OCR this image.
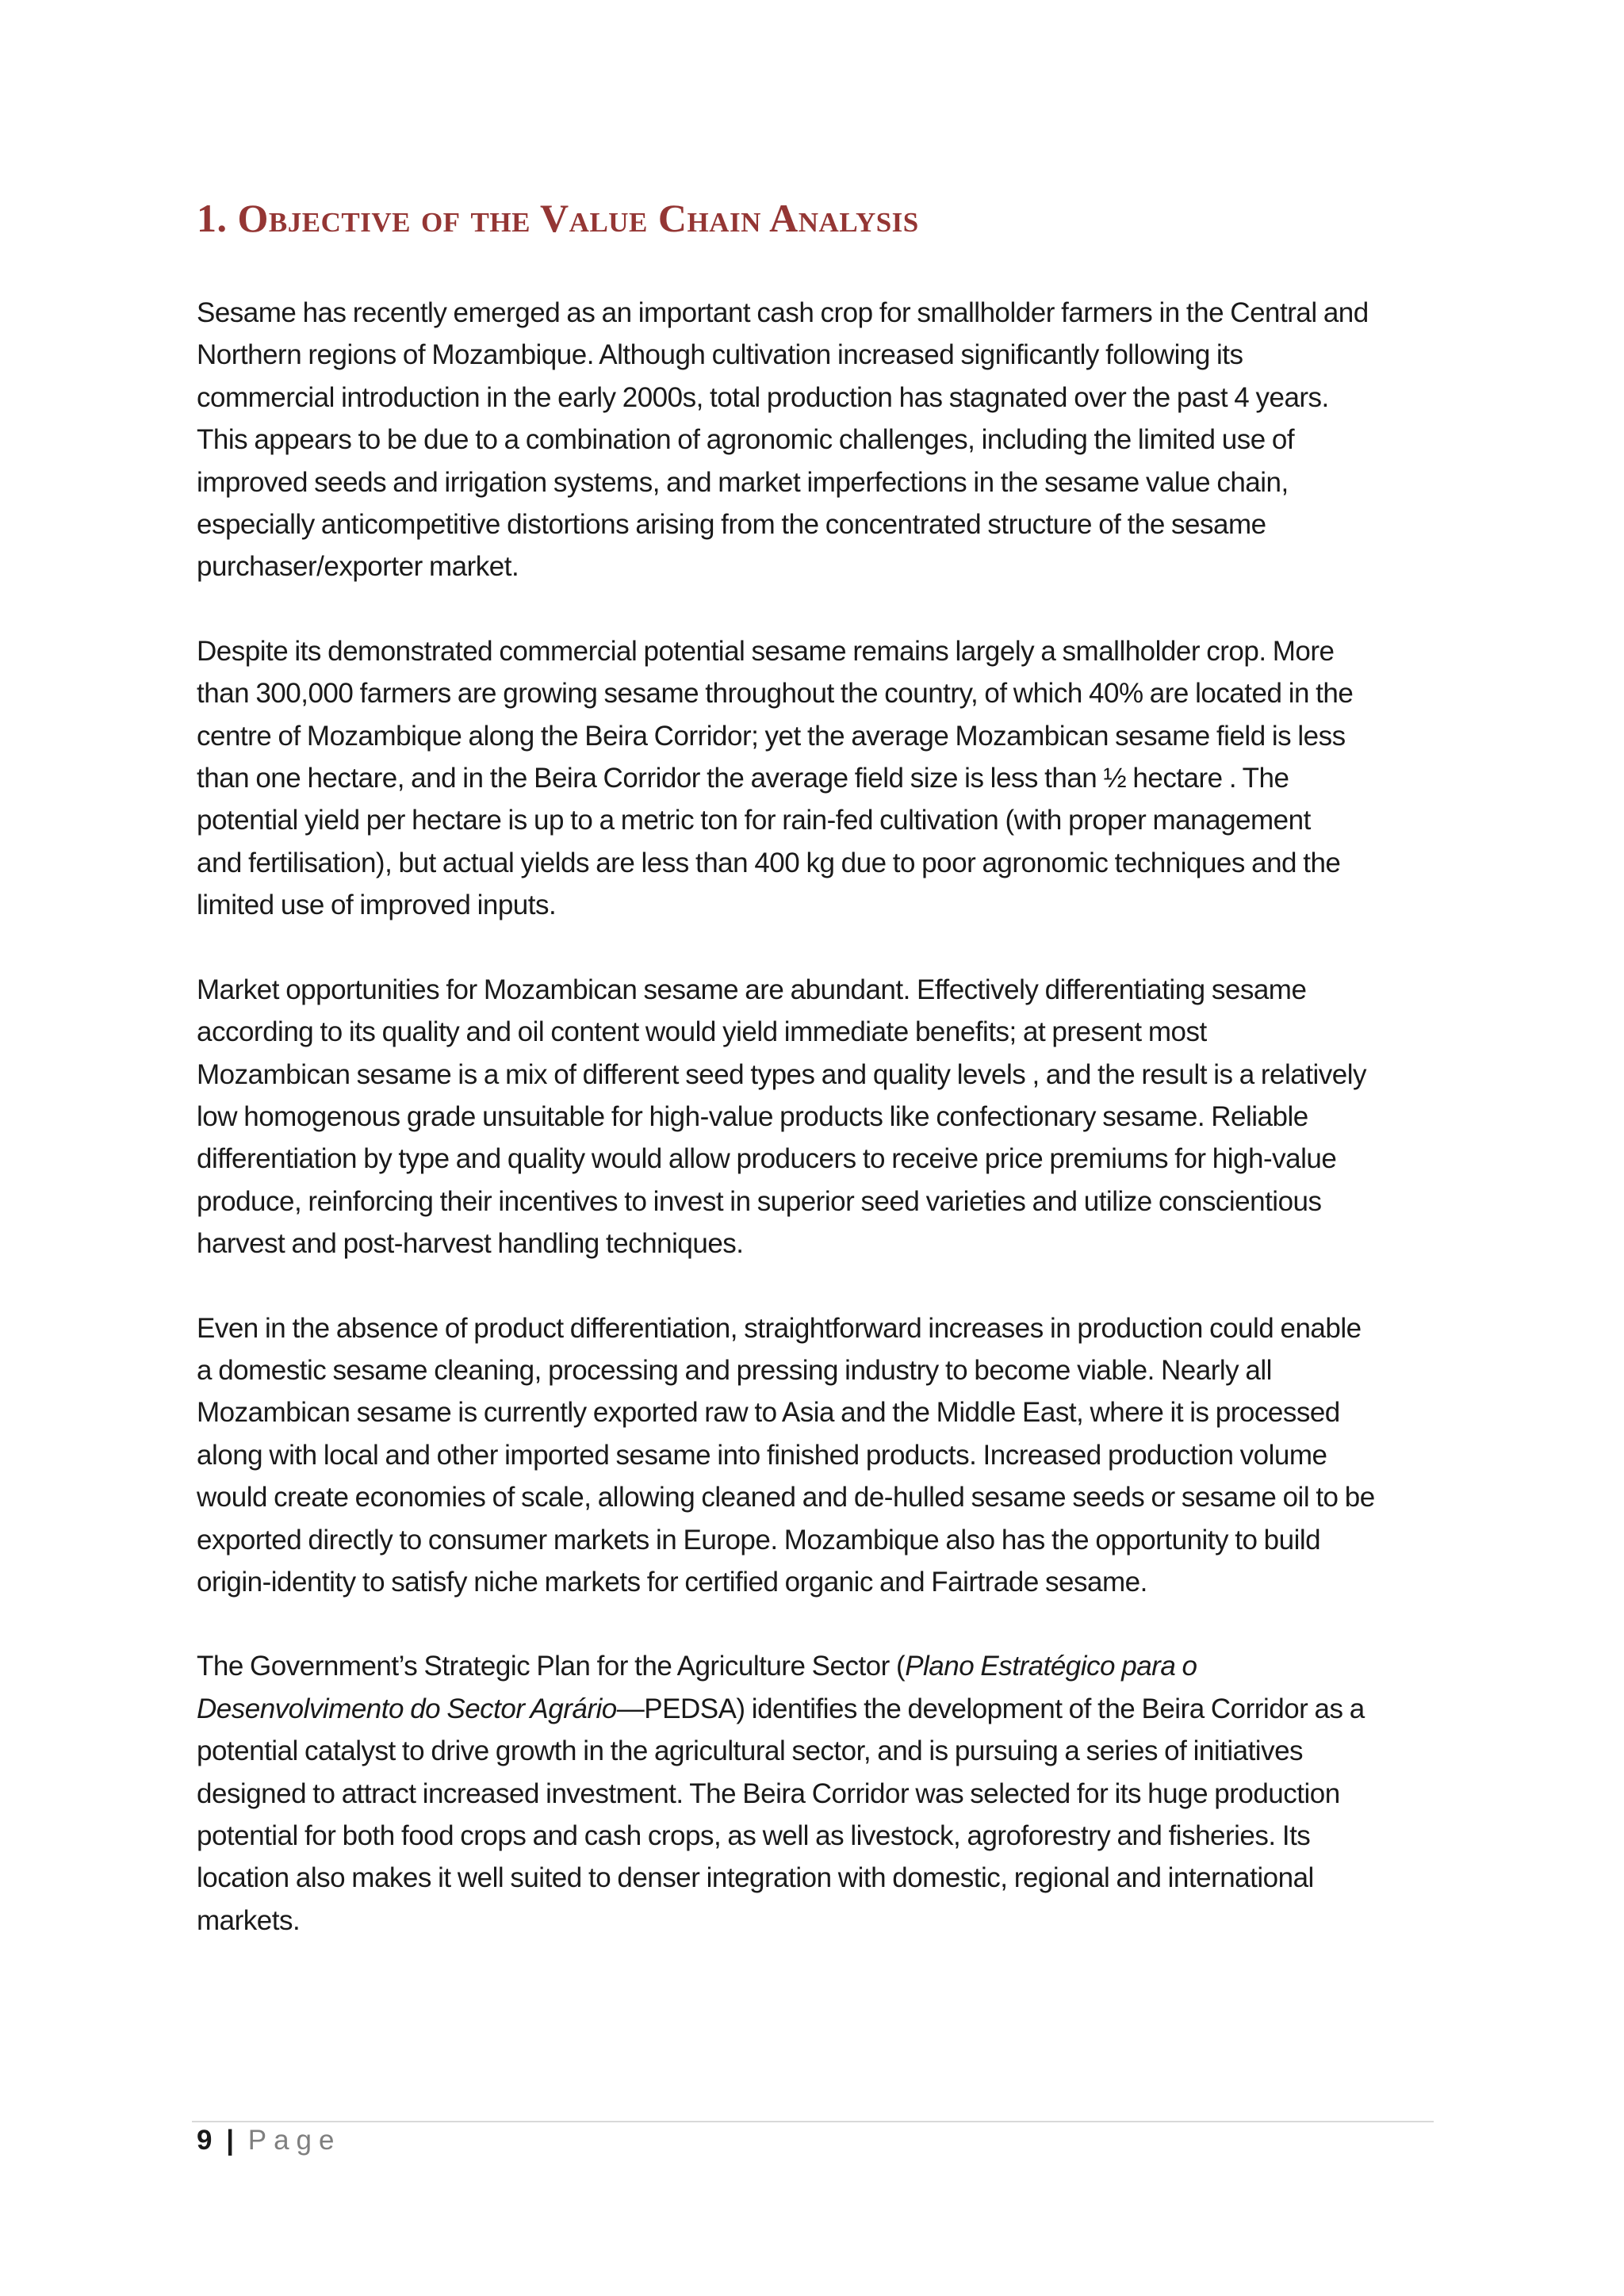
1. Objective of the Value Chain Analysis

Sesame has recently emerged as an important cash crop for smallholder farmers in the Central and
Northern regions of Mozambique. Although cultivation increased significantly following its
commercial introduction in the early 2000s, total production has stagnated over the past 4 years.
This appears to be due to a combination of agronomic challenges, including the limited use of
improved seeds and irrigation systems, and market imperfections in the sesame value chain,
especially anticompetitive distortions arising from the concentrated structure of the sesame
purchaser/exporter market.

Despite its demonstrated commercial potential sesame remains largely a smallholder crop. More
than 300,000 farmers are growing sesame throughout the country, of which 40% are located in the
centre of Mozambique along the Beira Corridor; yet the average Mozambican sesame field is less
than one hectare, and in the Beira Corridor the average field size is less than ½ hectare . The
potential yield per hectare is up to a metric ton for rain-fed cultivation (with proper management
and fertilisation), but actual yields are less than 400 kg due to poor agronomic techniques and the
limited use of improved inputs.

Market opportunities for Mozambican sesame are abundant. Effectively differentiating sesame
according to its quality and oil content would yield immediate benefits; at present most
Mozambican sesame is a mix of different seed types and quality levels , and the result is a relatively
low homogenous grade unsuitable for high-value products like confectionary sesame. Reliable
differentiation by type and quality would allow producers to receive price premiums for high-value
produce, reinforcing their incentives to invest in superior seed varieties and utilize conscientious
harvest and post-harvest handling techniques.

Even in the absence of product differentiation, straightforward increases in production could enable
a domestic sesame cleaning, processing and pressing industry to become viable. Nearly all
Mozambican sesame is currently exported raw to Asia and the Middle East, where it is processed
along with local and other imported sesame into finished products. Increased production volume
would create economies of scale, allowing cleaned and de-hulled sesame seeds or sesame oil to be
exported directly to consumer markets in Europe. Mozambique also has the opportunity to build
origin-identity to satisfy niche markets for certified organic and Fairtrade sesame.

The Government’s Strategic Plan for the Agriculture Sector (Plano Estratégico para o
Desenvolvimento do Sector Agrário—PEDSA) identifies the development of the Beira Corridor as a
potential catalyst to drive growth in the agricultural sector, and is pursuing a series of initiatives
designed to attract increased investment. The Beira Corridor was selected for its huge production
potential for both food crops and cash crops, as well as livestock, agroforestry and fisheries. Its
location also makes it well suited to denser integration with domestic, regional and international
markets.

9 | Page
